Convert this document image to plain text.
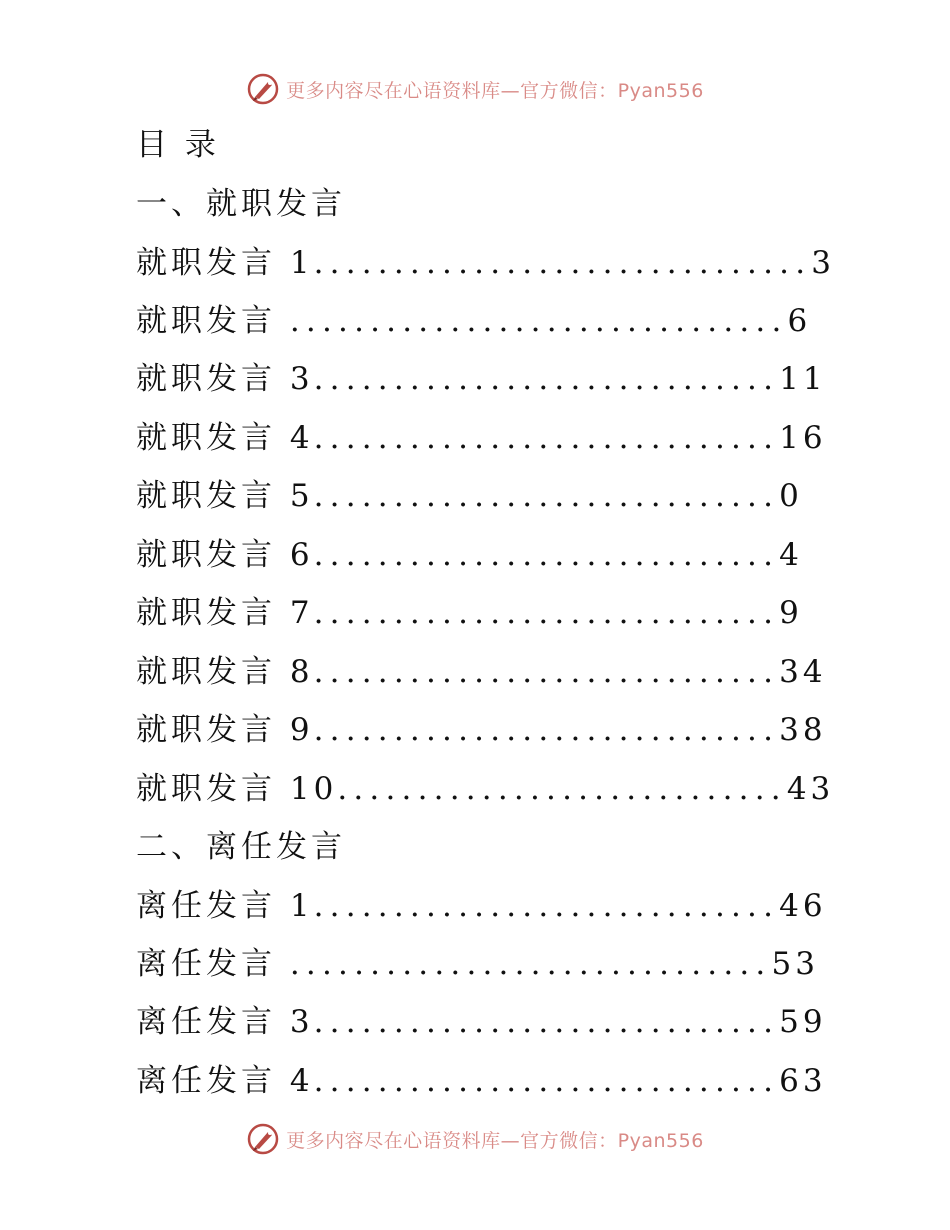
更多内容尽在心语资料库—官方微信：Pyan556
目 录
一、就职发言
就职发言 1...............................3
就职发言 ...............................6
就职发言 3.............................11
就职发言 4.............................16
就职发言 5.............................0
就职发言 6.............................4
就职发言 7.............................9
就职发言 8.............................34
就职发言 9.............................38
就职发言 10............................43
二、离任发言
离任发言 1.............................46
离任发言 ..............................53
离任发言 3.............................59
离任发言 4.............................63
更多内容尽在心语资料库—官方微信：Pyan556
